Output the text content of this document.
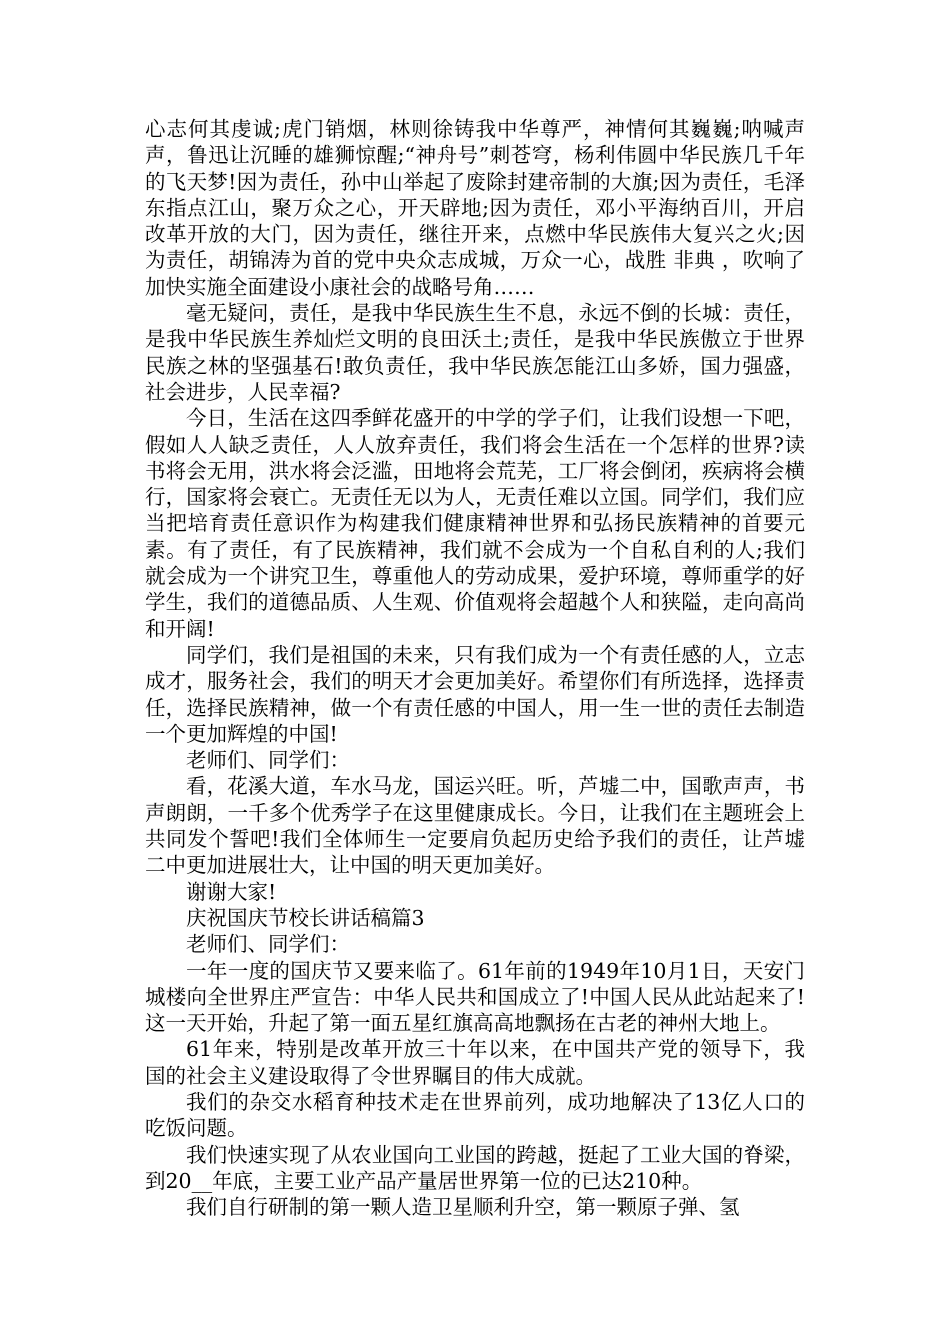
心志何其虔诚;虎门销烟，林则徐铸我中华尊严，神情何其巍巍;呐喊声声，鲁迅让沉睡的雄狮惊醒;“神舟号”刺苍穹，杨利伟圆中华民族几千年的飞天梦!因为责任，孙中山举起了废除封建帝制的大旗;因为责任，毛泽东指点江山，聚万众之心，开天辟地;因为责任，邓小平海纳百川，开启改革开放的大门，因为责任，继往开来，点燃中华民族伟大复兴之火;因为责任，胡锦涛为首的党中央众志成城，万众一心，战胜 非典 ，吹响了加快实施全面建设小康社会的战略号角……

毫无疑问，责任，是我中华民族生生不息，永远不倒的长城：责任，是我中华民族生养灿烂文明的良田沃土;责任，是我中华民族傲立于世界民族之林的坚强基石!敢负责任，我中华民族怎能江山多娇，国力强盛，社会进步，人民幸福?

今日，生活在这四季鲜花盛开的中学的学子们，让我们设想一下吧，假如人人缺乏责任，人人放弃责任，我们将会生活在一个怎样的世界?读书将会无用，洪水将会泛滥，田地将会荒芜，工厂将会倒闭，疾病将会横行，国家将会衰亡。无责任无以为人，无责任难以立国。同学们，我们应当把培育责任意识作为构建我们健康精神世界和弘扬民族精神的首要元素。有了责任，有了民族精神，我们就不会成为一个自私自利的人;我们就会成为一个讲究卫生，尊重他人的劳动成果，爱护环境，尊师重学的好学生，我们的道德品质、人生观、价值观将会超越个人和狭隘，走向高尚和开阔!

同学们，我们是祖国的未来，只有我们成为一个有责任感的人，立志成才，服务社会，我们的明天才会更加美好。希望你们有所选择，选择责任，选择民族精神，做一个有责任感的中国人，用一生一世的责任去制造一个更加辉煌的中国!

老师们、同学们：

看，花溪大道，车水马龙，国运兴旺。听，芦墟二中，国歌声声，书声朗朗，一千多个优秀学子在这里健康成长。今日，让我们在主题班会上共同发个誓吧!我们全体师生一定要肩负起历史给予我们的责任，让芦墟二中更加进展壮大，让中国的明天更加美好。

谢谢大家!

庆祝国庆节校长讲话稿篇3

老师们、同学们：

一年一度的国庆节又要来临了。61年前的1949年10月1日，天安门城楼向全世界庄严宣告：中华人民共和国成立了!中国人民从此站起来了!这一天开始，升起了第一面五星红旗高高地飘扬在古老的神州大地上。

61年来，特别是改革开放三十年以来，在中国共产党的领导下，我国的社会主义建设取得了令世界瞩目的伟大成就。

我们的杂交水稻育种技术走在世界前列，成功地解决了13亿人口的吃饭问题。

我们快速实现了从农业国向工业国的跨越，挺起了工业大国的脊梁，到20__年底，主要工业产品产量居世界第一位的已达210种。

我们自行研制的第一颗人造卫星顺利升空，第一颗原子弹、氢
